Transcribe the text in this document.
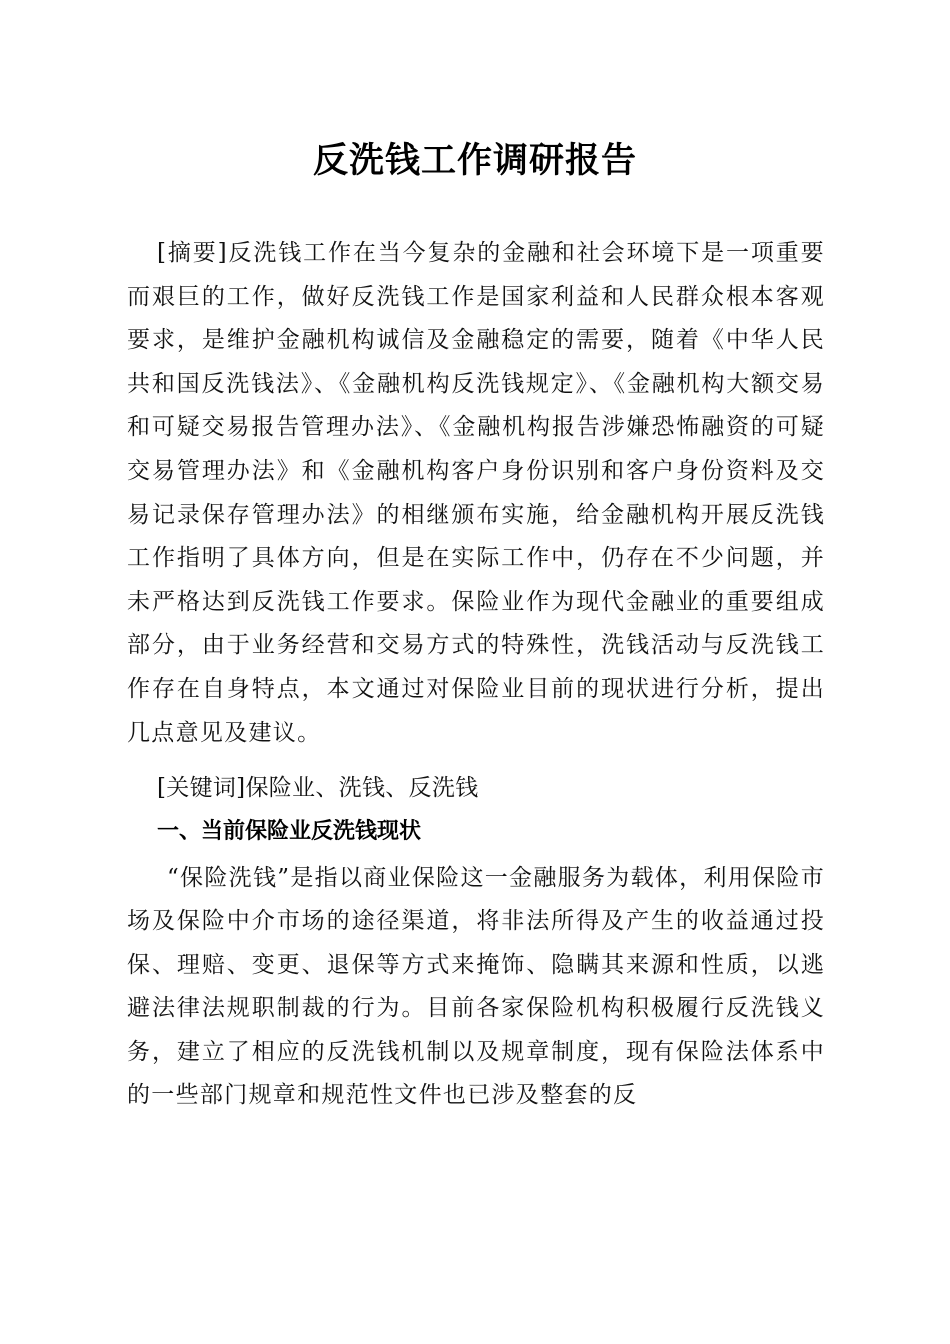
反洗钱工作调研报告

[摘要]反洗钱工作在当今复杂的金融和社会环境下是一项重要而艰巨的工作，做好反洗钱工作是国家利益和人民群众根本客观要求，是维护金融机构诚信及金融稳定的需要，随着《中华人民共和国反洗钱法》、《金融机构反洗钱规定》、《金融机构大额交易和可疑交易报告管理办法》、《金融机构报告涉嫌恐怖融资的可疑交易管理办法》和《金融机构客户身份识别和客户身份资料及交易记录保存管理办法》的相继颁布实施，给金融机构开展反洗钱工作指明了具体方向，但是在实际工作中，仍存在不少问题，并未严格达到反洗钱工作要求。保险业作为现代金融业的重要组成部分，由于业务经营和交易方式的特殊性，洗钱活动与反洗钱工作存在自身特点，本文通过对保险业目前的现状进行分析，提出几点意见及建议。

[关键词]保险业、洗钱、反洗钱

一、当前保险业反洗钱现状

“保险洗钱”是指以商业保险这一金融服务为载体，利用保险市场及保险中介市场的途径渠道，将非法所得及产生的收益通过投保、理赔、变更、退保等方式来掩饰、隐瞒其来源和性质，以逃避法律法规职制裁的行为。目前各家保险机构积极履行反洗钱义务，建立了相应的反洗钱机制以及规章制度，现有保险法体系中的一些部门规章和规范性文件也已涉及整套的反
